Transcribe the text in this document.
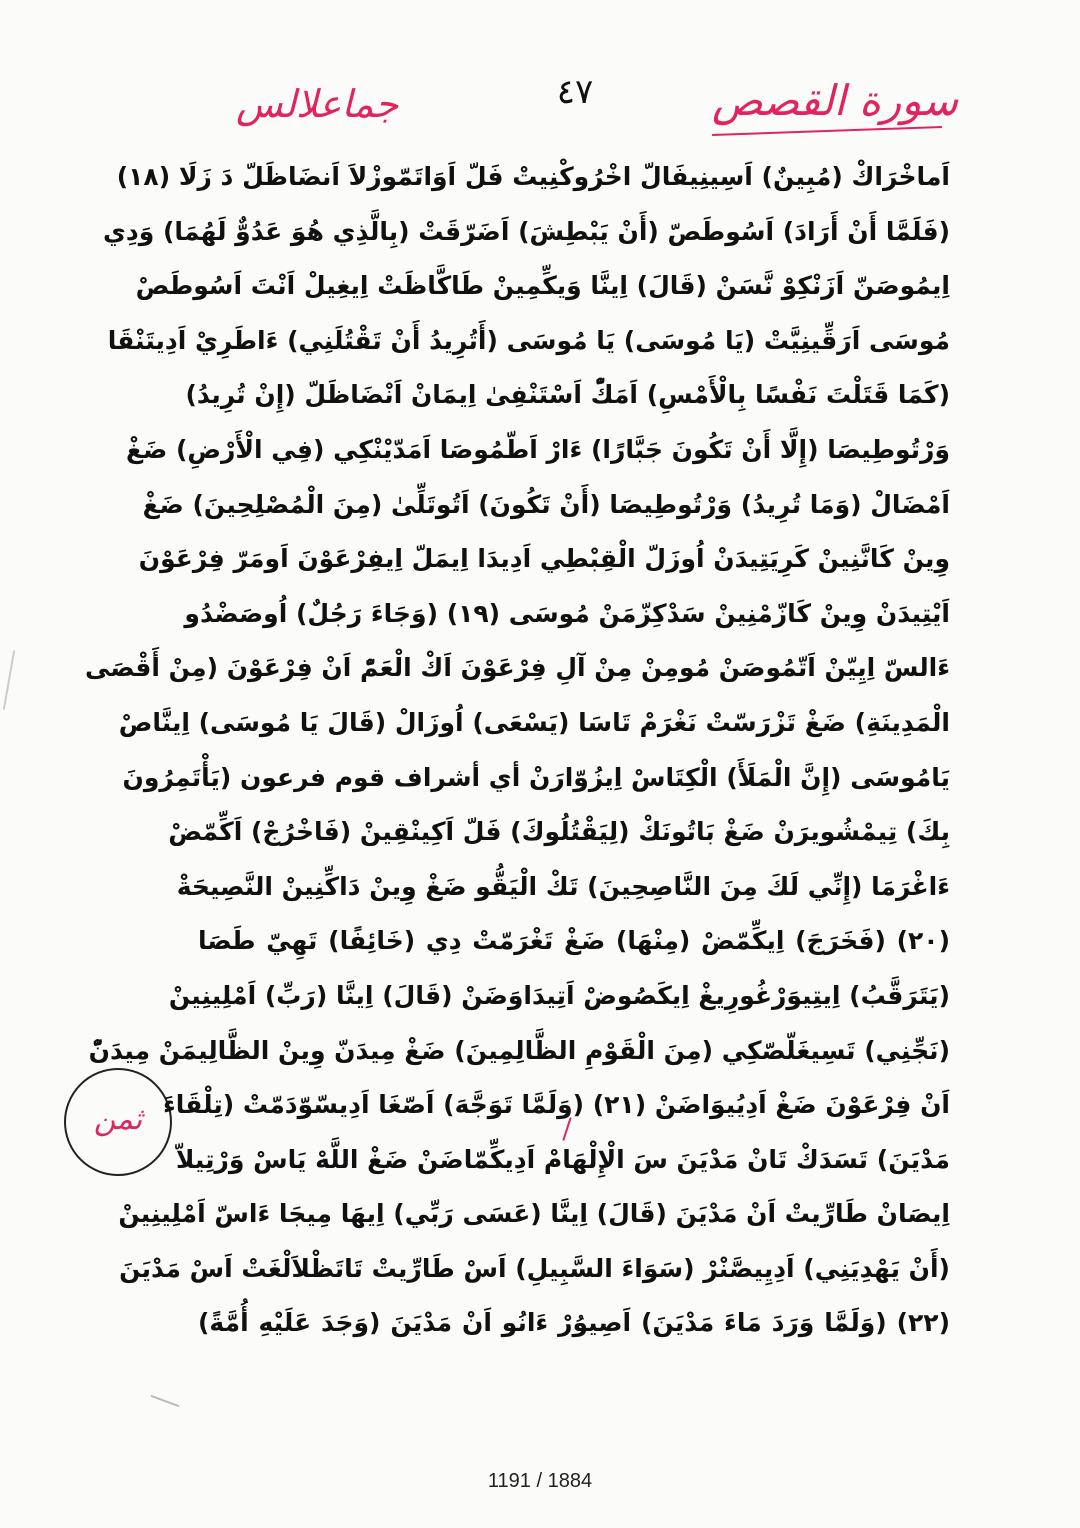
٤٧
جماعلالس	سورة القصص
ثمن
اَماخْرَاكْ (مُبِينٌ) اَسِينِيفَالّ اخْرُوكْنِيتْ فَلّ اَوَاتَمّوزْلاَ اَنضَاظَلّ دَ زَلَا (١٨)
(فَلَمَّا أَنْ أَرَادَ) اَسُوطَصّ (أَنْ يَبْطِشَ) اَضَرّقَتْ (بِالَّذِي هُوَ عَدُوٌّ لَهُمَا) وَدِي
اِيمُوصَنّ اَزَنْكِوْ نَّسَنْ (قَالَ) اِينَّا وَيكِّمِينْ طَاكَّاظَتْ اِيغِيلْ اَنْتَ اَسُوطَصْ
مُوسَى اَرَقِّينِيَّتْ (يَا مُوسَى) يَا مُوسَى (أَتُرِيدُ أَنْ تَقْتُلَنِي) ءَاطَرِيْ اَدِيتَنْقَا
(كَمَا قَتَلْتَ نَفْسًا بِالْأَمْسِ) اَمَكّْ اَسْتَنْفِیٰ اِيمَانْ اَنْضَاظَلّ (إِنْ تُرِيدُ)
وَرْتُوطِيصَا (إِلَّا أَنْ تَكُونَ جَبَّارًا) ءَارْ اَطّمُوصَا اَمَدّيْنْكِي (فِي الْأَرْضِ) ضَغْ
اَمْضَالْ (وَمَا تُرِيدُ) وَرْتُوطِيصَا (أَنْ تَكُونَ) اَتُوتَلِّیٰ (مِنَ الْمُصْلِحِينَ) ضَغْ
وِينْ كَانَّنِينْ كَرِيَتِيدَنْ اُوزَلّ الْقِبْطِي اَدِيدَا اِيمَلّ اِيفِرْعَوْنَ اَومَرّ فِرْعَوْنَ
اَيْتِيدَنْ وِينْ كَازّمْنِينْ سَدْكِزّمَنْ مُوسَى (١٩) (وَجَاءَ رَجُلٌ) اُوصَضْدُو
ءَالسّ اِيِيّنْ اَتّمُوصَنْ مُومِنْ مِنْ آلِ فِرْعَوْنَ اَكْ الْعَمّْ اَنْ فِرْعَوْنَ (مِنْ أَقْصَى
الْمَدِينَةِ) ضَغْ تَزْرَسّتْ نَغْرَمْ تَاسَا (يَسْعَى) اُوزَالْ (قَالَ يَا مُوسَى) اِينَّاصْ
يَامُوسَى (إِنَّ الْمَلَأَ) الْكِتَاسْ اِيزُوّارَنْ أي أشراف قوم فرعون (يَأْتَمِرُونَ
بِكَ) تِيمْشُويرَنْ ضَغْ بَاتُونَكْ (لِيَقْتُلُوكَ) فَلّ اَكِينْقِينْ (فَاخْرُجْ) اَكِّمّضْ
ءَاغْرَمَا (إِنِّي لَكَ مِنَ النَّاصِحِينَ) تَكْ الْيَقُّو ضَغْ وِينْ دَاكِّنِينْ النَّصِيحَةْ
(٢٠) (فَخَرَجَ) اِيكِّمّضْ (مِنْهَا) ضَغْ تَغْرَمّتْ دِي (خَائِفًا) تَهِيّ طَصَا
(يَتَرَقَّبُ) اِيتِيوَرْغُورِيغْ اِيكَصُوضْ اَتِيدَاوَضَنْ (قَالَ) اِينَّا (رَبِّ) اَمْلِينِينْ
(نَجِّنِي) تَسِيغَلّصّكِي (مِنَ الْقَوْمِ الظَّالِمِينَ) ضَغْ مِيدَنّ وِينْ الظَّالِيمَنْ مِيدَنّْ
اَنْ فِرْعَوْنَ ضَغْ اَدِيُيوَاضَنْ (٢١) (وَلَمَّا تَوَجَّهَ) اَصّغَا اَدِيسّوّدَمّتْ (تِلْقَاءَ
مَدْيَنَ) تَسَدَكْ تَانْ مَدْيَنَ سَ الْإِلْهَامْ اَدِيكِّمّاضَنْ ضَغْ اللَّهْ يَاسْ وَرْتِيلاّ
اِيصَانْ طَارِّيتْ اَنْ مَدْيَنَ (قَالَ) اِينَّا (عَسَى رَبِّي) اِيهَا مِيجَا ءَاسّ اَمْلِينِينْ
(أَنْ يَهْدِيَنِي) اَدِيِيصَّنْرْ (سَوَاءَ السَّبِيلِ) اَسْ طَارِّيتْ تَاتَظْلاَلْغَتْ اَسْ مَدْيَنَ
(٢٢) (وَلَمَّا وَرَدَ مَاءَ مَدْيَنَ) اَصِيوُرْ ءَانُو اَنْ مَدْيَنَ (وَجَدَ عَلَيْهِ أُمَّةً)
1191 / 1884
